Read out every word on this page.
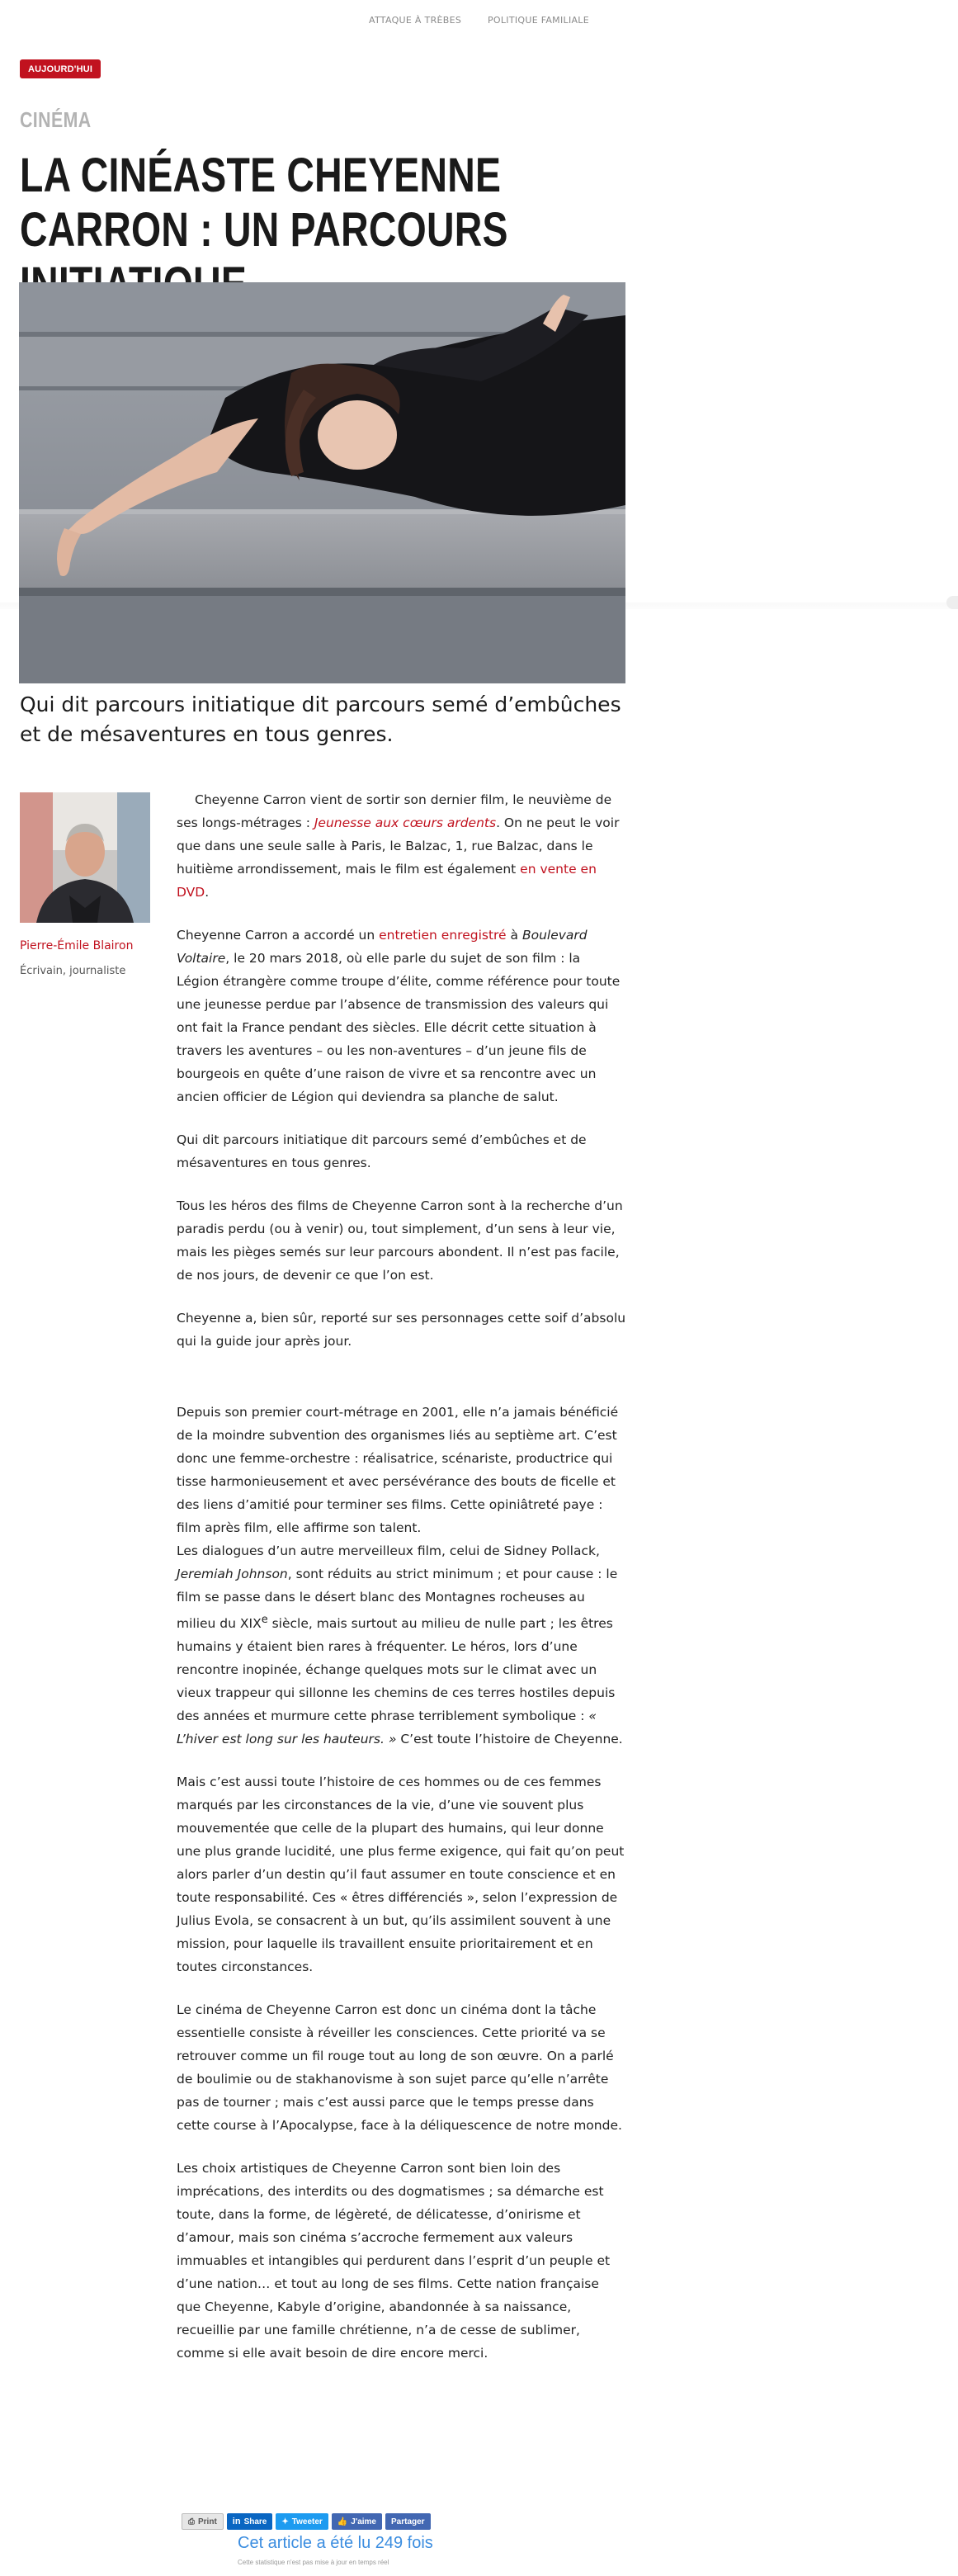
ATTAQUE À TRÈBES	POLITIQUE FAMILIALE
AUJOURD'HUI
CINÉMA
LA CINÉASTE CHEYENNE CARRON : UN PARCOURS

Qui dit parcours initiatique dit parcours semé d’embûches et de mésaventures en tous genres.

Pierre-Émile Blairon
Écrivain, journaliste

Cheyenne Carron vient de sortir son dernier film, le neuvième de ses longs-métrages : Jeunesse aux cœurs ardents. On ne peut le voir que dans une seule salle à Paris, le Balzac, 1, rue Balzac, dans le huitième arrondissement, mais le film est également en vente en DVD.

Cheyenne Carron a accordé un entretien enregistré à Boulevard Voltaire, le 20 mars 2018, où elle parle du sujet de son film : la Légion étrangère comme troupe d’élite, comme référence pour toute une jeunesse perdue par l’absence de transmission des valeurs qui ont fait la France pendant des siècles. Elle décrit cette situation à travers les aventures – ou les non-aventures – d’un jeune fils de bourgeois en quête d’une raison de vivre et sa rencontre avec un ancien officier de Légion qui deviendra sa planche de salut.

Qui dit parcours initiatique dit parcours semé d’embûches et de mésaventures en tous genres.

Tous les héros des films de Cheyenne Carron sont à la recherche d’un paradis perdu (ou à venir) ou, tout simplement, d’un sens à leur vie, mais les pièges semés sur leur parcours abondent. Il n’est pas facile, de nos jours, de devenir ce que l’on est.

Cheyenne a, bien sûr, reporté sur ses personnages cette soif d’absolu qui la guide jour après jour.

Depuis son premier court-métrage en 2001, elle n’a jamais bénéficié de la moindre subvention des organismes liés au septième art. C’est donc une femme-orchestre : réalisatrice, scénariste, productrice qui tisse harmonieusement et avec persévérance des bouts de ficelle et des liens d’amitié pour terminer ses films. Cette opiniâtreté paye : film après film, elle affirme son talent.

Les dialogues d’un autre merveilleux film, celui de Sidney Pollack, Jeremiah Johnson, sont réduits au strict minimum ; et pour cause : le film se passe dans le désert blanc des Montagnes rocheuses au milieu du XIXe siècle, mais surtout au milieu de nulle part ; les êtres humains y étaient bien rares à fréquenter. Le héros, lors d’une rencontre inopinée, échange quelques mots sur le climat avec un vieux trappeur qui sillonne les chemins de ces terres hostiles depuis des années et murmure cette phrase terriblement symbolique : « L’hiver est long sur les hauteurs. » C’est toute l’histoire de Cheyenne.

Mais c’est aussi toute l’histoire de ces hommes ou de ces femmes marqués par les circonstances de la vie, d’une vie souvent plus mouvementée que celle de la plupart des humains, qui leur donne une plus grande lucidité, une plus ferme exigence, qui fait qu’on peut alors parler d’un destin qu’il faut assumer en toute conscience et en toute responsabilité. Ces « êtres différenciés », selon l’expression de Julius Evola, se consacrent à un but, qu’ils assimilent souvent à une mission, pour laquelle ils travaillent ensuite prioritairement et en toutes circonstances.

Le cinéma de Cheyenne Carron est donc un cinéma dont la tâche essentielle consiste à réveiller les consciences. Cette priorité va se retrouver comme un fil rouge tout au long de son œuvre. On a parlé de boulimie ou de stakhanovisme à son sujet parce qu’elle n’arrête pas de tourner ; mais c’est aussi parce que le temps presse dans cette course à l’Apocalypse, face à la déliquescence de notre monde.

Les choix artistiques de Cheyenne Carron sont bien loin des imprécations, des interdits ou des dogmatismes ; sa démarche est toute, dans la forme, de légèreté, de délicatesse, d’onirisme et d’amour, mais son cinéma s’accroche fermement aux valeurs immuables et intangibles qui perdurent dans l’esprit d’un peuple et d’une nation… et tout au long de ses films. Cette nation française que Cheyenne, Kabyle d’origine, abandonnée à sa naissance, recueillie par une famille chrétienne, n’a de cesse de sublimer, comme si elle avait besoin de dire encore merci.

⎙ Print in Share ✦ Tweeter 👍 J'aime Partager
Cet article a été lu 249 fois
Cette statistique n'est pas mise à jour en temps réel
